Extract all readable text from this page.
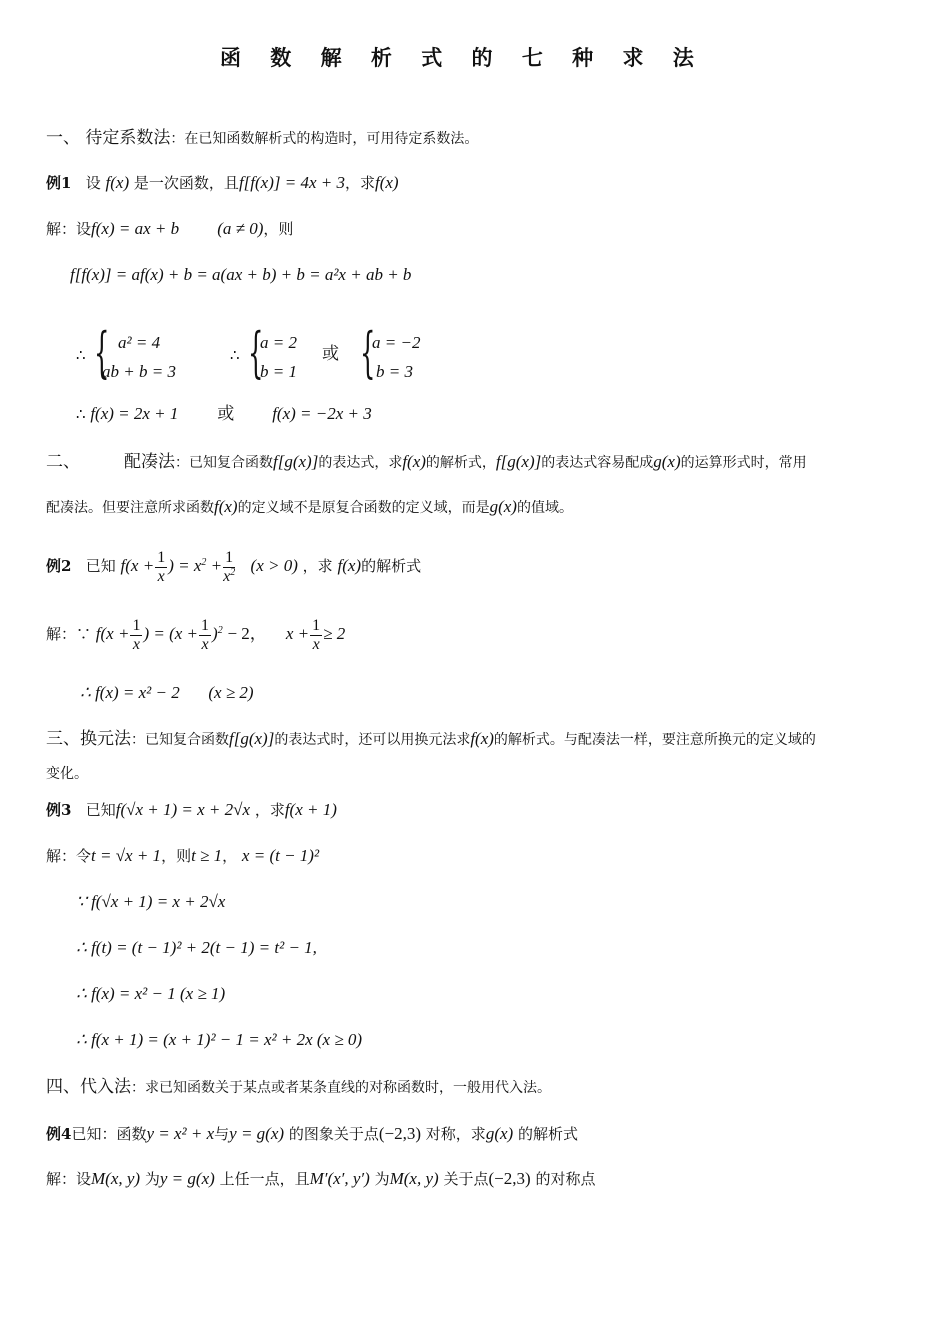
函 数 解 析 式 的 七 种 求 法
一、 待定系数法：在已知函数解析式的构造时，可用待定系数法。
例1 设 f(x) 是一次函数，且f[f(x)] = 4x + 3，求f(x)
解：设f(x) = ax + b (a ≠ 0)，则
f[f(x)] = af(x) + b = a(ax + b) + b = a²x + ab + b
∴ { a² = 4
ab + b = 3
∴ {
a = 2
b = 1
或 {
a = −2
b = 3
∴ f(x) = 2x + 1 或 f(x) = −2x + 3
二、	配凑法：已知复合函数f[g(x)]的表达式，求f(x)的解析式，f[g(x)]的表达式容易配成g(x)的运算形式时，常用
配凑法。但要注意所求函数f(x)的定义域不是原复合函数的定义域，而是g(x)的值域。
例2 已知 $f(x + \frac{1}{x}$ ) = $x^2 + \frac{1}{x^2} (x > 0)$ ，求 f(x)的解析式
解：∵ $f(x + \frac{1}{x}$ ) = $(x + \frac{1}{x} )^2 - 2$， $x + \frac{1}{x} \ge 2$
∴ f(x) = x² − 2 (x ≥ 2)
三、换元法：已知复合函数f[g(x)]的表达式时，还可以用换元法求f(x)的解析式。与配凑法一样，要注意所换元的定义域的
变化。
例3 已知f(√x + 1) = x + 2√x ，求f(x + 1)
解：令t = √x + 1，则t ≥ 1， x = (t − 1)²
∵ f(√x + 1) = x + 2√x
∴ f(t) = (t − 1)² + 2(t − 1) = t² − 1,
∴ f(x) = x² − 1 (x ≥ 1)
∴ f(x + 1) = (x + 1)² − 1 = x² + 2x (x ≥ 0)
四、代入法：求已知函数关于某点或者某条直线的对称函数时，一般用代入法。
例4已知：函数y = x² + x与y = g(x) 的图象关于点(−2,3) 对称，求g(x) 的解析式
解：设M(x, y) 为y = g(x) 上任一点，且M′(x′, y′) 为M(x, y) 关于点(−2,3) 的对称点
